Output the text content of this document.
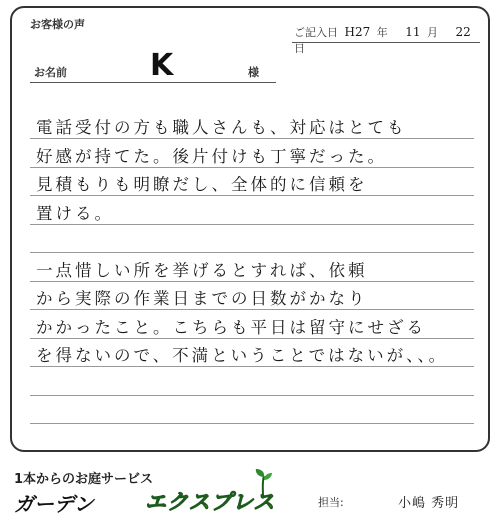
お客様の声
ご記入日 H27 年 11 月 22 日
お名前	K	様
電話受付の方も職人さんも、対応はとても
好感が持てた。後片付けも丁寧だった。
見積もりも明瞭だし、全体的に信頼を
置ける。
一点惜しい所を挙げるとすれば、依頼
から実際の作業日までの日数がかなり
かかったこと。こちらも平日は留守にせざる
を得ないので、不満ということではないが、、。
1本からのお庭サービス
ガーデン エクスプレス	担当:	小嶋 秀明
